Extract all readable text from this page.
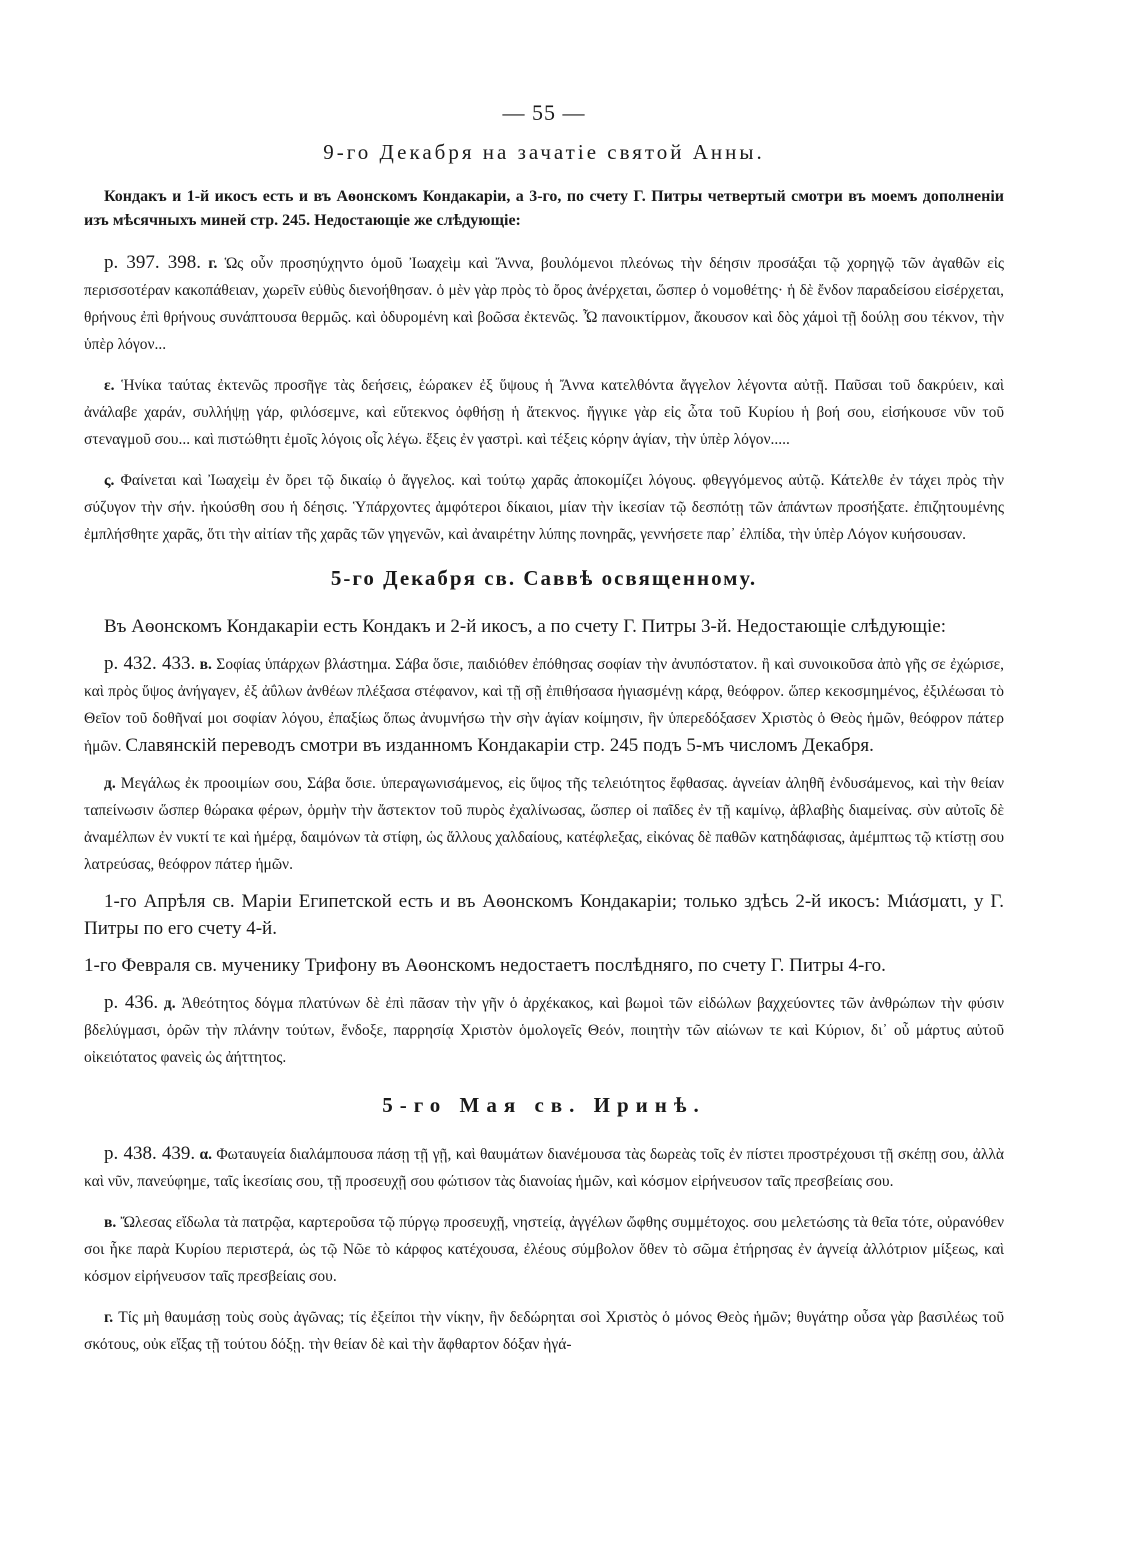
— 55 —
9-го Декабря на зачатіе святой Анны.

Кондакъ и 1-й икосъ есть и въ Аѳонскомъ Кондакаріи, а 3-го, по счету Г. Питры четвертый смотри въ моемъ дополненіи изъ мѣсячныхъ миней стр. 245. Недостающіе же слѣдующіе:

p. 397. 398. г. Ὡς οὖν προσηύχηντο ὁμοῦ Ἰωαχεὶμ καὶ Ἄννα, βουλόμενοι πλεόνως τὴν δέησιν προσάξαι τῷ χορηγῷ τῶν ἀγαθῶν εἰς περισσοτέραν κακοπάθειαν, χωρεῖν εὐθὺς διενοήθησαν. ὁ μὲν γὰρ πρὸς τὸ ὄρος ἀνέρχεται, ὥσπερ ὁ νομοθέτης· ἡ δὲ ἔνδον παραδείσου εἰσέρχεται, θρήνους ἐπὶ θρήνους συνάπτουσα θερμῶς. καὶ ὀδυρομένη καὶ βοῶσα ἐκτενῶς. Ὦ πανοικτίρμον, ἄκουσον καὶ δὸς χάμοὶ τῇ δούλῃ σου τέκνον, τὴν ὑπὲρ λόγον...

ε. Ἡνίκα ταύτας ἐκτενῶς προσῆγε τὰς δεήσεις, ἑώρακεν ἐξ ὕψους ἡ Ἄννα κατελθόντα ἄγγελον λέγοντα αὐτῇ. Παῦσαι τοῦ δακρύειν, καὶ ἀνάλαβε χαράν, συλλήψῃ γάρ, φιλόσεμνε, καὶ εὔτεκνος ὀφθήσῃ ἡ ἄτεκνος. ἤγγικε γὰρ εἰς ὦτα τοῦ Κυρίου ἡ βοή σου, εἰσήκουσε νῦν τοῦ στεναγμοῦ σου... καὶ πιστώθητι ἐμοῖς λόγοις οἷς λέγω. ἕξεις ἐν γαστρὶ. καὶ τέξεις κόρην ἁγίαν, τὴν ὑπὲρ λόγον.....

ς. Φαίνεται καὶ Ἰωαχεὶμ ἐν ὄρει τῷ δικαίῳ ὁ ἄγγελος. καὶ τούτῳ χαρᾶς ἀποκομίζει λόγους. φθεγγόμενος αὐτῷ. Κάτελθε ἐν τάχει πρὸς τὴν σύζυγον τὴν σήν. ἠκούσθη σου ἡ δέησις. Ὑπάρχοντες ἀμφότεροι δίκαιοι, μίαν τὴν ἱκεσίαν τῷ δεσπότῃ τῶν ἁπάντων προσήξατε. ἐπιζητουμένης ἐμπλήσθητε χαρᾶς, ὅτι τὴν αἰτίαν τῆς χαρᾶς τῶν γηγενῶν, καὶ ἀναιρέτην λύπης πονηρᾶς, γεννήσετε παρ᾽ ἐλπίδα, τὴν ὑπὲρ Λόγον κυήσουσαν.

5-го Декабря св. Саввѣ освященному.

Въ Аѳонскомъ Кондакаріи есть Кондакъ и 2-й икосъ, а по счету Г. Питры 3-й. Недостающіе слѣдующіе:

p. 432. 433. в. Σοφίας ὑπάρχων βλάστημα. Σάβα ὅσιε, παιδιόθεν ἐπόθησας σοφίαν τὴν ἀνυπόστατον. ἢ καὶ συνοικοῦσα ἀπὸ γῆς σε ἐχώρισε, καὶ πρὸς ὕψος ἀνήγαγεν, ἐξ ἀΰλων ἀνθέων πλέξασα στέφανον, καὶ τῇ σῇ ἐπιθήσασα ἡγιασμένῃ κάρᾳ, θεόφρον. ὥπερ κεκοσμημένος, ἐξιλέωσαι τὸ Θεῖον τοῦ δοθῆναί μοι σοφίαν λόγου, ἐπαξίως ὅπως ἀνυμνήσω τὴν σὴν ἁγίαν κοίμησιν, ἣν ὑπερεδόξασεν Χριστὸς ὁ Θεὸς ἡμῶν, θεόφρον πάτερ ἡμῶν. Славянскій переводъ смотри въ изданномъ Кондакаріи стр. 245 подъ 5-мъ числомъ Декабря.

д. Μεγάλως ἐκ προοιμίων σου, Σάβα ὅσιε. ὑπεραγωνισάμενος, εἰς ὕψος τῆς τελειότητος ἔφθασας. ἁγνείαν ἀληθῆ ἐνδυσάμενος, καὶ τὴν θείαν ταπείνωσιν ὥσπερ θώρακα φέρων, ὁρμὴν τὴν ἄστεκτον τοῦ πυρὸς ἐχαλίνωσας, ὥσπερ οἱ παῖδες ἐν τῇ καμίνῳ, ἀβλαβὴς διαμείνας. σὺν αὐτοῖς δὲ ἀναμέλπων ἐν νυκτί τε καὶ ἡμέρᾳ, δαιμόνων τὰ στίφη, ὡς ἄλλους χαλδαίους, κατέφλεξας, εἰκόνας δὲ παθῶν κατηδάφισας, ἀμέμπτως τῷ κτίστῃ σου λατρεύσας, θεόφρον πάτερ ἡμῶν.

1-го Апрѣля св. Маріи Египетской есть и въ Аѳонскомъ Кондакаріи; только здѣсь 2-й икосъ: Μιάσματι, у Г. Питры по его счету 4-й.

1-го Февраля св. мученику Трифону въ Аѳонскомъ недостаетъ послѣдняго, по счету Г. Питры 4-го.

p. 436. д. Ἀθεότητος δόγμα πλατύνων δὲ ἐπὶ πᾶσαν τὴν γῆν ὁ ἀρχέκακος, καὶ βωμοὶ τῶν εἰδώλων βαχχεύοντες τῶν ἀνθρώπων τὴν φύσιν βδελύγμασι, ὁρῶν τὴν πλάνην τούτων, ἔνδοξε, παρρησίᾳ Χριστὸν ὁμολογεῖς Θεόν, ποιητὴν τῶν αἰώνων τε καὶ Κύριον, δι᾽ οὗ μάρτυς αὐτοῦ οἰκειότατος φανεὶς ὡς ἀήττητος.

5-го Мая св. Иринѣ.

p. 438. 439. α. Φωταυγεία διαλάμπουσα πάσῃ τῇ γῇ, καὶ θαυμάτων διανέμουσα τὰς δωρεὰς τοῖς ἐν πίστει προστρέχουσι τῇ σκέπῃ σου, ἀλλὰ καὶ νῦν, πανεύφημε, ταῖς ἱκεσίαις σου, τῇ προσευχῇ σου φώτισον τὰς διανοίας ἡμῶν, καὶ κόσμον εἰρήνευσον ταῖς πρεσβείαις σου.

в. Ὤλεσας εἴδωλα τὰ πατρῷα, καρτεροῦσα τῷ πύργῳ προσευχῇ, νηστείᾳ, ἀγγέλων ὤφθης συμμέτοχος. σου μελετώσης τὰ θεῖα τότε, οὐρανόθεν σοι ἧκε παρὰ Κυρίου περιστερά, ὡς τῷ Νῶε τὸ κάρφος κατέχουσα, ἐλέους σύμβολον ὅθεν τὸ σῶμα ἐτήρησας ἐν ἁγνείᾳ ἀλλότριον μίξεως, καὶ κόσμον εἰρήνευσον ταῖς πρεσβείαις σου.

г. Τίς μὴ θαυμάσῃ τοὺς σοὺς ἀγῶνας; τίς ἐξείποι τὴν νίκην, ἣν δεδώρηται σοὶ Χριστὸς ὁ μόνος Θεὸς ἡμῶν; θυγάτηρ οὖσα γὰρ βασιλέως τοῦ σκότους, οὐκ εἴξας τῇ τούτου δόξῃ. τὴν θείαν δὲ καὶ τὴν ἄφθαρτον δόξαν ἠγά-
